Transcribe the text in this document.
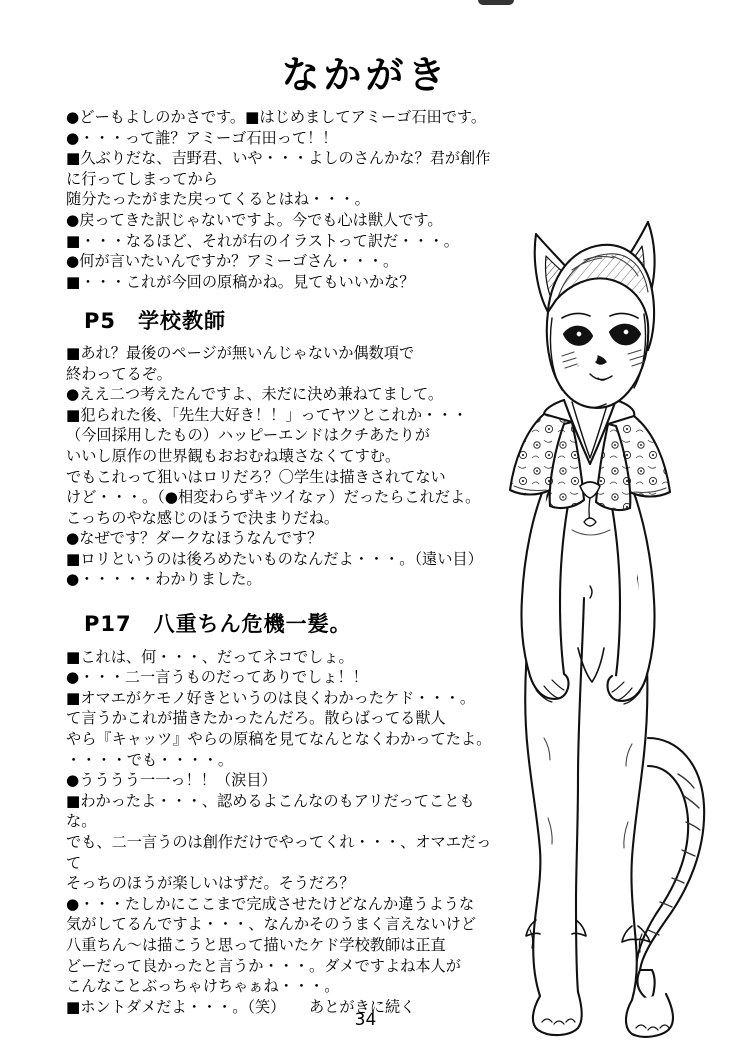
なかがき

●どーもよしのかさです。■はじめましてアミーゴ石田です。

●・・・って誰？アミーゴ石田って！！

■久ぶりだな、吉野君、いや・・・よしのさんかな？君が創作に行ってしまってから

随分たったがまた戻ってくるとはね・・・。

●戻ってきた訳じゃないですよ。今でも心は獣人です。

■・・・なるほど、それが右のイラストって訳だ・・・。

●何が言いたいんですか？アミーゴさん・・・。

■・・・これが今回の原稿かね。見てもいいかな？

P5　学校教師

■あれ？最後のページが無いんじゃないか偶数項で

終わってるぞ。

●ええ二つ考えたんですよ、未だに決め兼ねてまして。

■犯られた後、「先生大好き！！」ってヤツとこれか・・・

（今回採用したもの）ハッピーエンドはクチあたりが

いいし原作の世界観もおおむね壊さなくてすむ。

でもこれって狙いはロリだろ？〇学生は描きされてない

けど・・・。（●相変わらずキツイなァ）だったらこれだよ。

こっちのやな感じのほうで決まりだね。

●なぜです？ダークなほうなんです？

■ロリというのは後ろめたいものなんだよ・・・。（遠い目）

●・・・・・わかりました。

P17　八重ちん危機一髪。

■これは、何・・・、だってネコでしょ。

●・・・二一言うものだってありでしょ！！

■オマエがケモノ好きというのは良くわかったケド・・・。

て言うかこれが描きたかったんだろ。散らばってる獣人

やら『キャッツ』やらの原稿を見てなんとなくわかってたよ。

・・・・でも・・・・。

●うううう一一っ！！（涙目）

■わかったよ・・・、認めるよこんなのもアリだってこともな。

でも、二一言うのは創作だけでやってくれ・・・、オマエだって

そっちのほうが楽しいはずだ。そうだろ？

●・・・たしかにここまで完成させたけどなんか違うような

気がしてるんですよ・・・、なんかそのうまく言えないけど

八重ちん〜は描こうと思って描いたケド学校教師は正直

どーだって良かったと言うか・・・。ダメですよね本人が

こんなことぶっちゃけちゃぁね・・・。

■ホントダメだよ・・・。（笑） あとがきに続く
34
